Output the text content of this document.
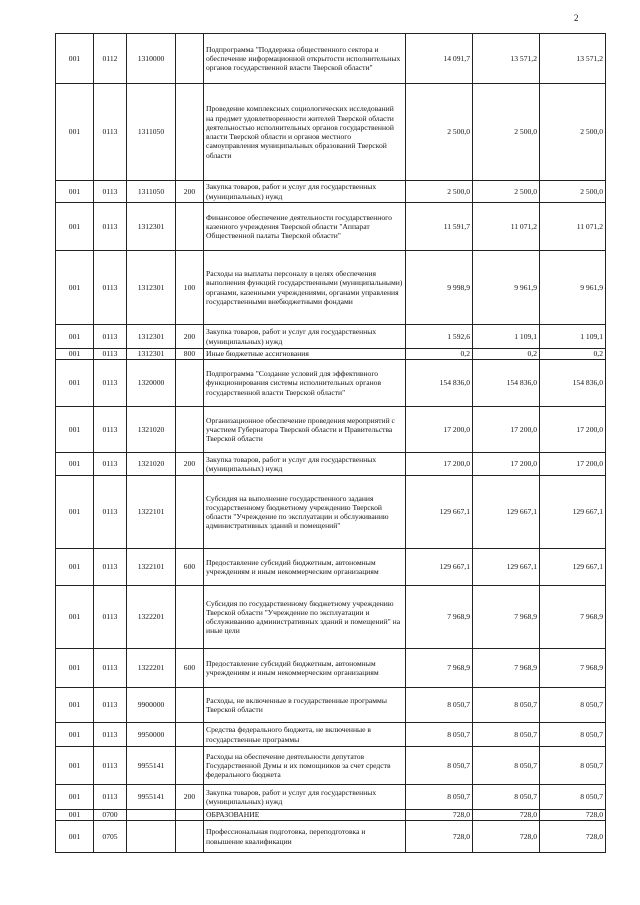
2
001	0112	1310000		Подпрограмма "Поддержка общественного сектора и обеспечение информационной открытости исполнительных органов государственной власти Тверской области"	14 091,7	13 571,2	13 571,2
001	0113	1311050		Проведение комплексных социологических исследований на предмет удовлетворенности жителей Тверской области деятельностью исполнительных органов государственной власти Тверской области и органов местного самоуправления муниципальных образований Тверской области	2 500,0	2 500,0	2 500,0
001	0113	1311050	200	Закупка товаров, работ и услуг для государственных (муниципальных) нужд	2 500,0	2 500,0	2 500,0
001	0113	1312301		Финансовое обеспечение деятельности государственного казенного учреждения Тверской области "Аппарат Общественной палаты Тверской области"	11 591,7	11 071,2	11 071,2
001	0113	1312301	100	Расходы на выплаты персоналу в целях обеспечения выполнения функций государственными (муниципальными) органами, казенными учреждениями, органами управления государственными внебюджетными фондами	9 998,9	9 961,9	9 961,9
001	0113	1312301	200	Закупка товаров, работ и услуг для государственных (муниципальных) нужд	1 592,6	1 109,1	1 109,1
001	0113	1312301	800	Иные бюджетные ассигнования	0,2	0,2	0,2
001	0113	1320000		Подпрограмма "Создание условий для эффективного функционирования системы исполнительных органов государственной власти Тверской области"	154 836,0	154 836,0	154 836,0
001	0113	1321020		Организационное обеспечение проведения мероприятий с участием Губернатора Тверской области и Правительства Тверской области	17 200,0	17 200,0	17 200,0
001	0113	1321020	200	Закупка товаров, работ и услуг для государственных (муниципальных) нужд	17 200,0	17 200,0	17 200,0
001	0113	1322101		Субсидия на выполнение государственного задания государственному бюджетному учреждению Тверской области "Учреждение по эксплуатации и обслуживанию административных зданий и помещений"	129 667,1	129 667,1	129 667,1
001	0113	1322101	600	Предоставление субсидий бюджетным, автономным учреждениям и иным некоммерческим организациям	129 667,1	129 667,1	129 667,1
001	0113	1322201		Субсидия по государственному бюджетному учреждению Тверской области "Учреждение по эксплуатации и обслуживанию административных зданий и помещений" на иные цели	7 968,9	7 968,9	7 968,9
001	0113	1322201	600	Предоставление субсидий бюджетным, автономным учреждениям и иным некоммерческим организациям	7 968,9	7 968,9	7 968,9
001	0113	9900000		Расходы, не включенные в государственные программы Тверской области	8 050,7	8 050,7	8 050,7
001	0113	9950000		Средства федерального бюджета, не включенные в государственные программы	8 050,7	8 050,7	8 050,7
001	0113	9955141		Расходы на обеспечение деятельности депутатов Государственной Думы и их помощников за счет средств федерального бюджета	8 050,7	8 050,7	8 050,7
001	0113	9955141	200	Закупка товаров, работ и услуг для государственных (муниципальных) нужд	8 050,7	8 050,7	8 050,7
001	0700			ОБРАЗОВАНИЕ	728,0	728,0	728,0
001	0705			Профессиональная подготовка, переподготовка и повышение квалификации	728,0	728,0	728,0
